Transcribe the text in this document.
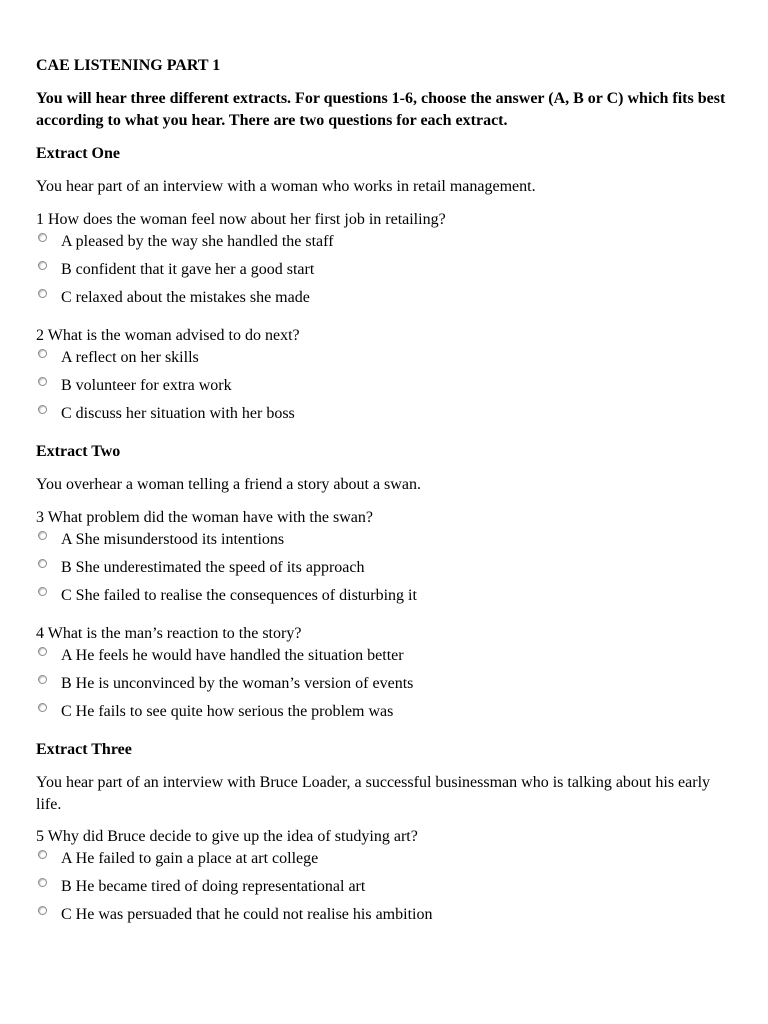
CAE LISTENING PART 1
You will hear three different extracts. For questions 1-6, choose the answer (A, B or C) which fits best according to what you hear. There are two questions for each extract.
Extract One
You hear part of an interview with a woman who works in retail management.
1 How does the woman feel now about her first job in retailing?
A pleased by the way she handled the staff
B confident that it gave her a good start
C relaxed about the mistakes she made
2 What is the woman advised to do next?
A reflect on her skills
B volunteer for extra work
C discuss her situation with her boss
Extract Two
You overhear a woman telling a friend a story about a swan.
3 What problem did the woman have with the swan?
A She misunderstood its intentions
B She underestimated the speed of its approach
C She failed to realise the consequences of disturbing it
4 What is the man’s reaction to the story?
A He feels he would have handled the situation better
B He is unconvinced by the woman’s version of events
C He fails to see quite how serious the problem was
Extract Three
You hear part of an interview with Bruce Loader, a successful businessman who is talking about his early life.
5 Why did Bruce decide to give up the idea of studying art?
A He failed to gain a place at art college
B He became tired of doing representational art
C He was persuaded that he could not realise his ambition
